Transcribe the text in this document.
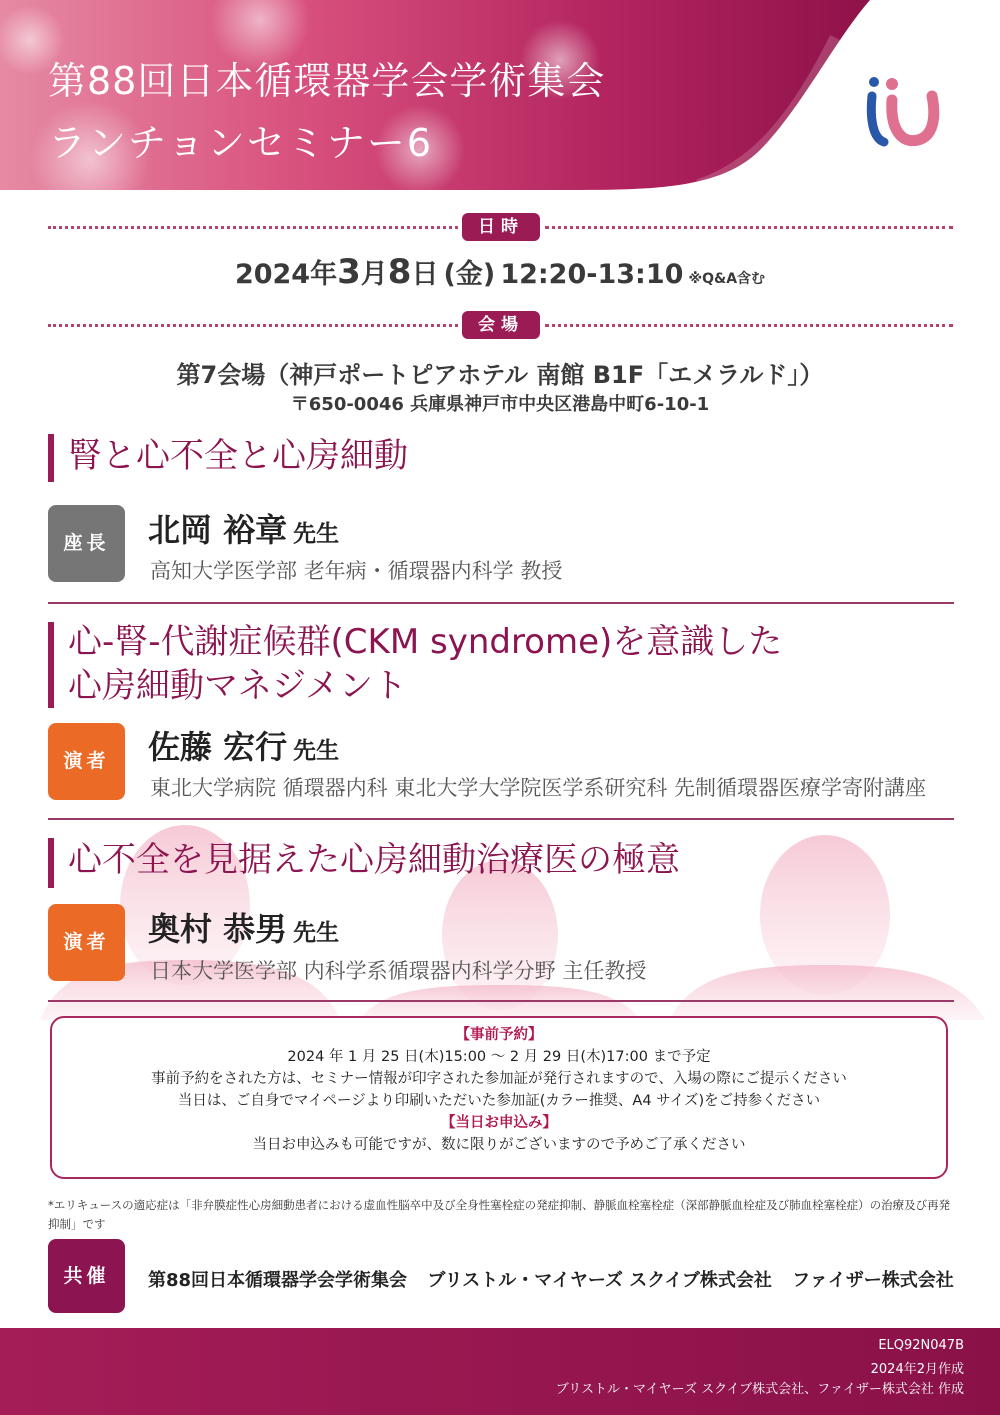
第88回日本循環器学会学術集会
ランチョンセミナー6
日時
2024年3月8日 (金) 12:20-13:10 ※Q&A含む
会場
第7会場（神戸ポートピアホテル 南館 B1F「エメラルド」）
〒650-0046 兵庫県神戸市中央区港島中町6-10-1
腎と心不全と心房細動
座長	北岡 裕章 先生
高知大学医学部 老年病・循環器内科学 教授
心-腎-代謝症候群(CKM syndrome)を意識した
心房細動マネジメント
演者	佐藤 宏行 先生
東北大学病院 循環器内科 東北大学大学院医学系研究科 先制循環器医療学寄附講座
心不全を見据えた心房細動治療医の極意
演者	奥村 恭男 先生
日本大学医学部 内科学系循環器内科学分野 主任教授
【事前予約】
2024 年 1 月 25 日(木)15:00 ～ 2 月 29 日(木)17:00 まで予定
事前予約をされた方は、セミナー情報が印字された参加証が発行されますので、入場の際にご提示ください
当日は、ご自身でマイページより印刷いただいた参加証(カラー推奨、A4 サイズ)をご持参ください
【当日お申込み】
当日お申込みも可能ですが、数に限りがございますので予めご了承ください
*エリキュースの適応症は「非弁膜症性心房細動患者における虚血性脳卒中及び全身性塞栓症の発症抑制、静脈血栓塞栓症（深部静脈血栓症及び肺血栓塞栓症）の治療及び再発抑制」です
共催	第88回日本循環器学会学術集会 ブリストル・マイヤーズ スクイブ株式会社 ファイザー株式会社
ELQ92N047B
2024年2月作成
ブリストル・マイヤーズ スクイブ株式会社、ファイザー株式会社 作成
